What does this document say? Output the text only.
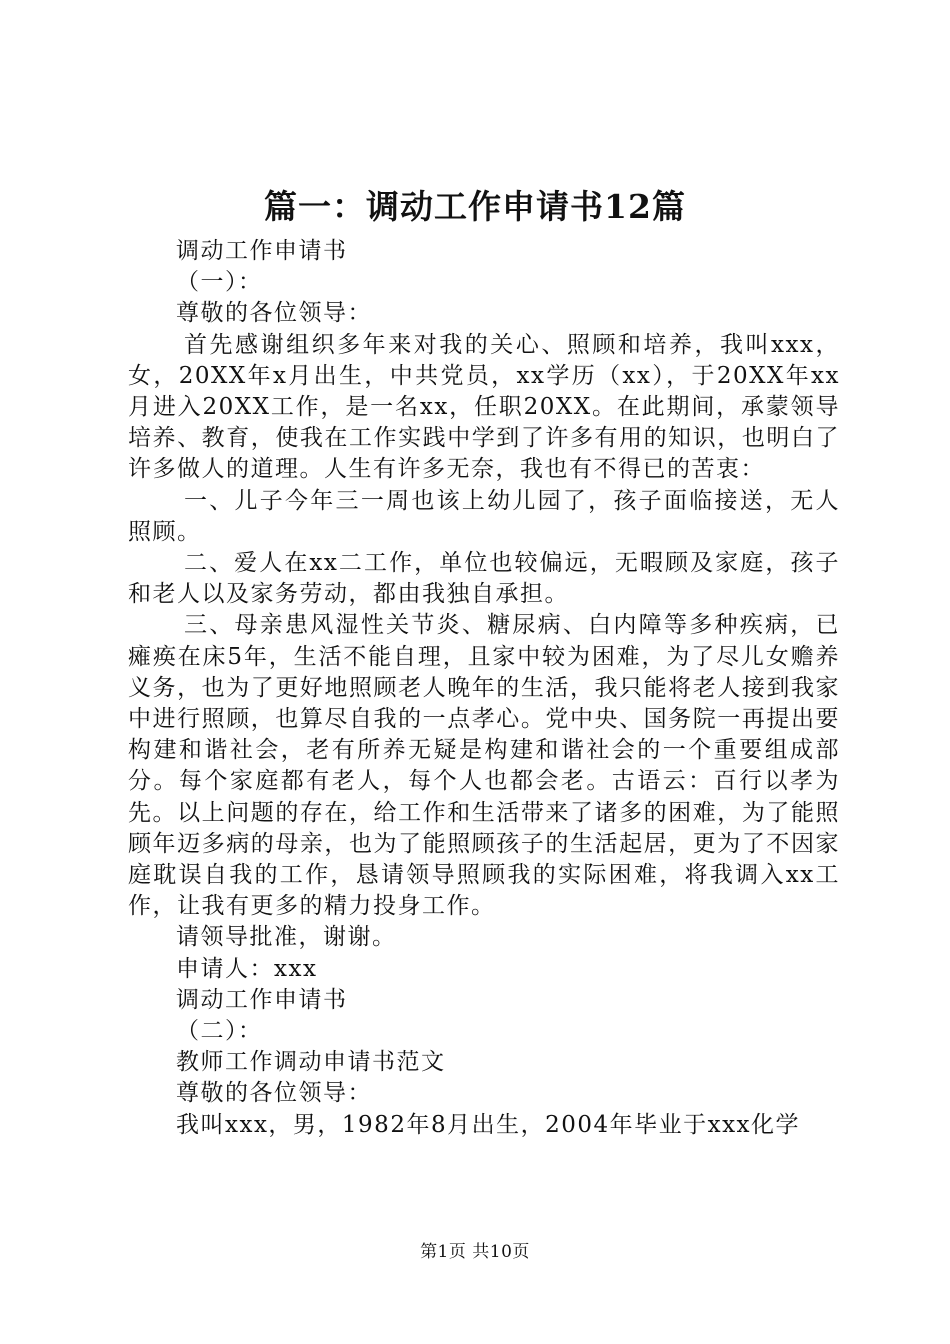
篇一：调动工作申请书12篇

调动工作申请书

（一）：

尊敬的各位领导：

首先感谢组织多年来对我的关心、照顾和培养，我叫xxx，女，20XX年x月出生，中共党员，xx学历（xx），于20XX年xx月进入20XX工作，是一名xx，任职20XX。在此期间，承蒙领导培养、教育，使我在工作实践中学到了许多有用的知识，也明白了许多做人的道理。人生有许多无奈，我也有不得已的苦衷：

一、儿子今年三一周也该上幼儿园了，孩子面临接送，无人照顾。

二、爱人在xx二工作，单位也较偏远，无暇顾及家庭，孩子和老人以及家务劳动，都由我独自承担。

三、母亲患风湿性关节炎、糖尿病、白内障等多种疾病，已瘫痪在床5年，生活不能自理，且家中较为困难，为了尽儿女赡养义务，也为了更好地照顾老人晚年的生活，我只能将老人接到我家中进行照顾，也算尽自我的一点孝心。党中央、国务院一再提出要构建和谐社会，老有所养无疑是构建和谐社会的一个重要组成部分。每个家庭都有老人，每个人也都会老。古语云：百行以孝为先。以上问题的存在，给工作和生活带来了诸多的困难，为了能照顾年迈多病的母亲，也为了能照顾孩子的生活起居，更为了不因家庭耽误自我的工作，恳请领导照顾我的实际困难，将我调入xx工作，让我有更多的精力投身工作。

请领导批准，谢谢。

申请人：xxx

调动工作申请书

（二）：

教师工作调动申请书范文

尊敬的各位领导：

我叫xxx，男，1982年8月出生，2004年毕业于xxx化学

第1页 共10页
